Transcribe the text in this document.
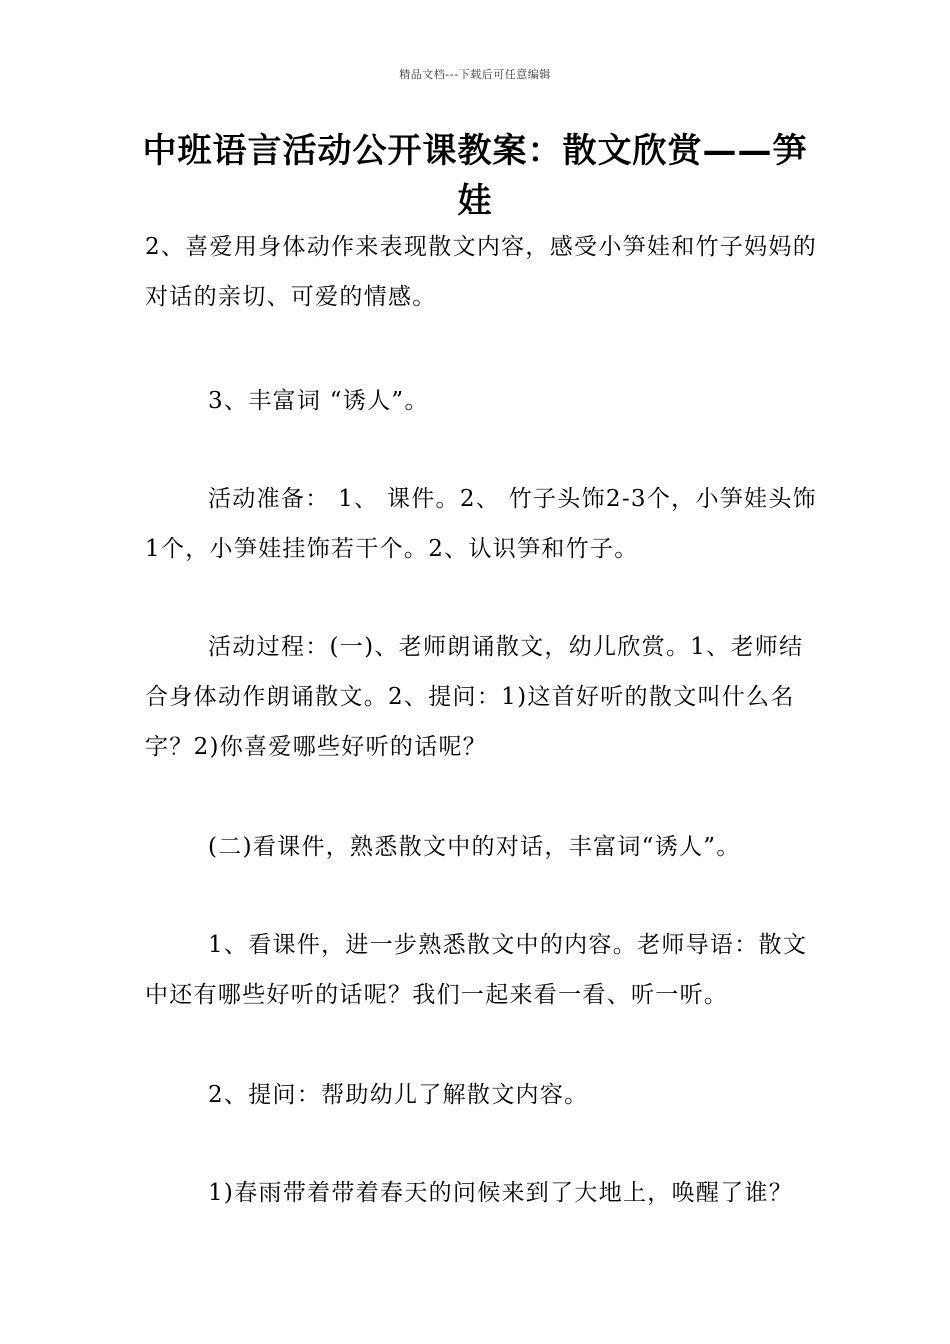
精品文档---下载后可任意编辑
中班语言活动公开课教案：散文欣赏——笋娃
2、喜爱用身体动作来表现散文内容，感受小笋娃和竹子妈妈的对话的亲切、可爱的情感。
3、丰富词 “诱人”。
活动准备： 1、 课件。2、 竹子头饰2-3个，小笋娃头饰1个，小笋娃挂饰若干个。2、认识笋和竹子。
活动过程：(一)、老师朗诵散文，幼儿欣赏。1、老师结合身体动作朗诵散文。2、提问：1)这首好听的散文叫什么名字？2)你喜爱哪些好听的话呢？
(二)看课件，熟悉散文中的对话，丰富词“诱人”。
1、看课件，进一步熟悉散文中的内容。老师导语：散文中还有哪些好听的话呢？我们一起来看一看、听一听。
2、提问：帮助幼儿了解散文内容。
1)春雨带着带着春天的问候来到了大地上，唤醒了谁？
